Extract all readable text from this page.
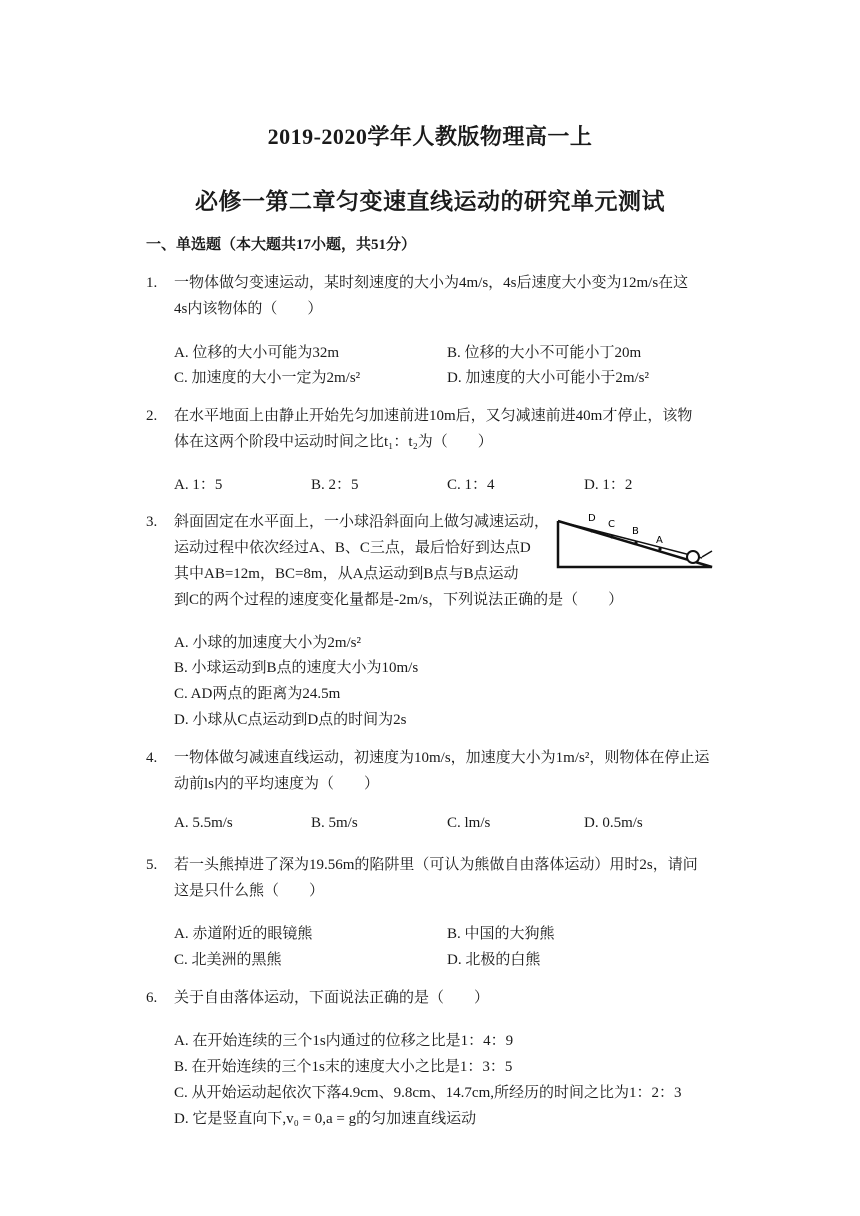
2019-2020学年人教版物理高一上
必修一第二章匀变速直线运动的研究单元测试
一、单选题（本大题共17小题，共51分）
1. 一物体做匀变速运动，某时刻速度的大小为4m/s，4s后速度大小变为12m/s在这
4s内该物体的（　　）
A. 位移的大小可能为32m	B. 位移的大小不可能小丁20m
C. 加速度的大小一定为2m/s²	D. 加速度的大小可能小于2m/s²
2. 在水平地面上由静止开始先匀加速前进10m后，又匀减速前进40m才停止，该物
体在这两个阶段中运动时间之比t₁：t₂为（　　）
A. 1：5	B. 2：5	C. 1：4	D. 1：2
3. 斜面固定在水平面上，一小球沿斜面向上做匀减速运动，
运动过程中依次经过A、B、C三点，最后恰好到达点D
其中AB=12m，BC=8m，从A点运动到B点与B点运动
到C的两个过程的速度变化量都是-2m/s，下列说法正确的是（　　）
D
C
B
A
A. 小球的加速度大小为2m/s²
B. 小球运动到B点的速度大小为10m/s
C. AD两点的距离为24.5m
D. 小球从C点运动到D点的时间为2s
4. 一物体做匀减速直线运动，初速度为10m/s，加速度大小为1m/s²，则物体在停止运
动前ls内的平均速度为（　　）
A. 5.5m/s	B. 5m/s	C. lm/s	D. 0.5m/s
5. 若一头熊掉进了深为19.56m的陷阱里（可认为熊做自由落体运动）用时2s，请问
这是只什么熊（　　）
A. 赤道附近的眼镜熊	B. 中国的大狗熊
C. 北美洲的黑熊	D. 北极的白熊
6. 关于自由落体运动，下面说法正确的是（　　）
A. 在开始连续的三个1s内通过的位移之比是1：4：9
B. 在开始连续的三个1s末的速度大小之比是1：3：5
C. 从开始运动起依次下落4.9cm、9.8cm、14.7cm,所经历的时间之比为1：2：3
D. 它是竖直向下,v₀ = 0,a = g的匀加速直线运动
